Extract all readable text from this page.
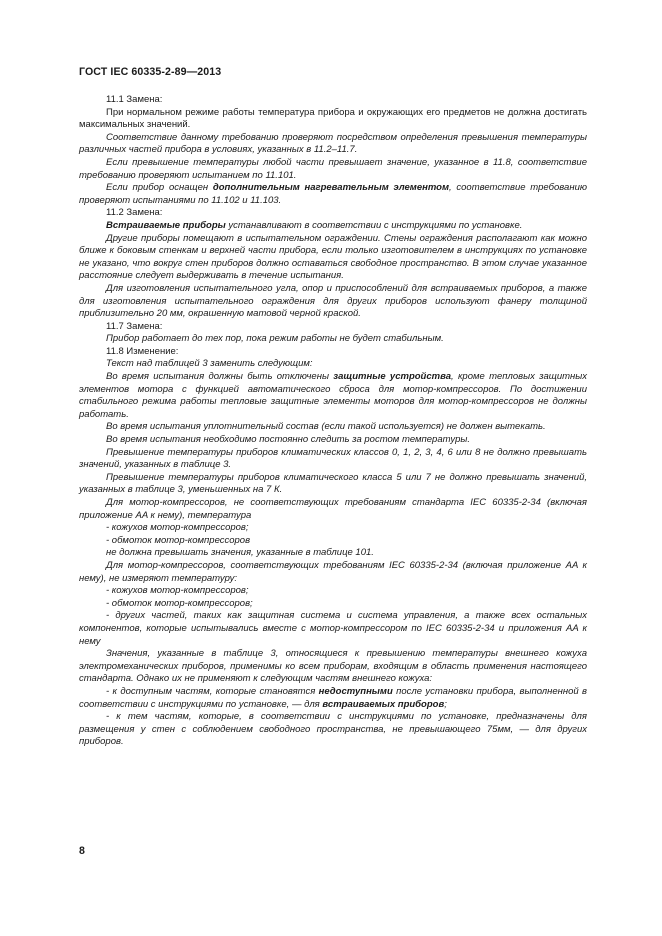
ГОСТ IEC 60335-2-89—2013

11.1 Замена:

При нормальном режиме работы температура прибора и окружающих его предметов не должна достигать максимальных значений.

Соответствие данному требованию проверяют посредством определения превышения температуры различных частей прибора в условиях, указанных в 11.2–11.7.

Если превышение температуры любой части превышает значение, указанное в 11.8, соответствие требованию проверяют испытанием по 11.101.

Если прибор оснащен дополнительным нагревательным элементом, соответствие требованию проверяют испытаниями по 11.102 и 11.103.

11.2 Замена:

Встраиваемые приборы устанавливают в соответствии с инструкциями по установке.

Другие приборы помещают в испытательном ограждении. Стены ограждения располагают как можно ближе к боковым стенкам и верхней части прибора, если только изготовителем в инструкциях по установке не указано, что вокруг стен приборов должно оставаться свободное пространство. В этом случае указанное расстояние следует выдерживать в течение испытания.

Для изготовления испытательного угла, опор и приспособлений для встраиваемых приборов, а также для изготовления испытательного ограждения для других приборов используют фанеру толщиной приблизительно 20 мм, окрашенную матовой черной краской.

11.7 Замена:

Прибор работает до тех пор, пока режим работы не будет стабильным.

11.8 Изменение:

Текст над таблицей 3 заменить следующим:

Во время испытания должны быть отключены защитные устройства, кроме тепловых защитных элементов мотора с функцией автоматического сброса для мотор-компрессоров. По достижении стабильного режима работы тепловые защитные элементы моторов для мотор-компрессоров не должны работать.

Во время испытания уплотнительный состав (если такой используется) не должен вытекать.

Во время испытания необходимо постоянно следить за ростом температуры.

Превышение температуры приборов климатических классов 0, 1, 2, 3, 4, 6 или 8 не должно превышать значений, указанных в таблице 3.

Превышение температуры приборов климатического класса 5 или 7 не должно превышать значений, указанных в таблице 3, уменьшенных на 7 К.

Для мотор-компрессоров, не соответствующих требованиям стандарта IEC 60335-2-34 (включая приложение AA к нему), температура

- кожухов мотор-компрессоров;

- обмоток мотор-компрессоров

не должна превышать значения, указанные в таблице 101.

Для мотор-компрессоров, соответствующих требованиям IEC 60335-2-34 (включая приложение AA к нему), не измеряют температуру:

- кожухов мотор-компрессоров;

- обмоток мотор-компрессоров;

- других частей, таких как защитная система и система управления, а также всех остальных компонентов, которые испытывались вместе с мотор-компрессором по IEC 60335-2-34 и приложения AA к нему

Значения, указанные в таблице 3, относящиеся к превышению температуры внешнего кожуха электромеханических приборов, применимы ко всем приборам, входящим в область применения настоящего стандарта. Однако их не применяют к следующим частям внешнего кожуха:

- к доступным частям, которые становятся недоступными после установки прибора, выполненной в соответствии с инструкциями по установке, — для встраиваемых приборов;

- к тем частям, которые, в соответствии с инструкциями по установке, предназначены для размещения у стен с соблюдением свободного пространства, не превышающего 75мм, — для других приборов.

8
